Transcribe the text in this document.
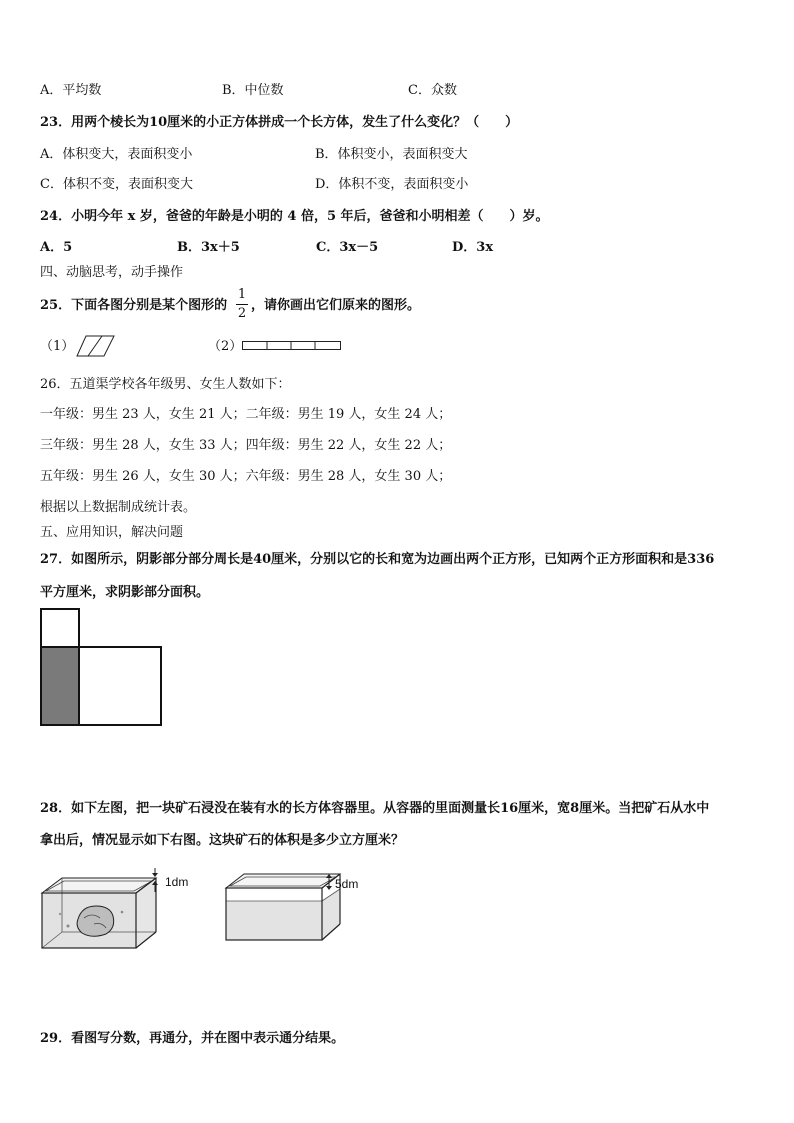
A．平均数	B．中位数	C．众数
23．用两个棱长为10厘米的小正方体拼成一个长方体，发生了什么变化？（　　）
A．体积变大，表面积变小	B．体积变小，表面积变大
C．体积不变，表面积变大	D．体积不变，表面积变小
24．小明今年 x 岁，爸爸的年龄是小明的 4 倍，5 年后，爸爸和小明相差（　　）岁。
A．5	B．3x＋5	C．3x－5	D．3x
四、动脑思考，动手操作
25．下面各图分别是某个图形的
1
2
，请你画出它们原来的图形。
（1）	（2）
26．五道渠学校各年级男、女生人数如下：
一年级：男生 23 人，女生 21 人；二年级：男生 19 人，女生 24 人；
三年级：男生 28 人，女生 33 人；四年级：男生 22 人，女生 22 人；
五年级：男生 26 人，女生 30 人；六年级：男生 28 人，女生 30 人；
根据以上数据制成统计表。
五、应用知识，解决问题
27．如图所示，阴影部分部分周长是40厘米，分别以它的长和宽为边画出两个正方形，已知两个正方形面积和是336
平方厘米，求阴影部分面积。
28．如下左图，把一块矿石浸没在装有水的长方体容器里。从容器的里面测量长16厘米，宽8厘米。当把矿石从水中
拿出后，情况显示如下右图。这块矿石的体积是多少立方厘米？
1dm	5dm
29．看图写分数，再通分，并在图中表示通分结果。
